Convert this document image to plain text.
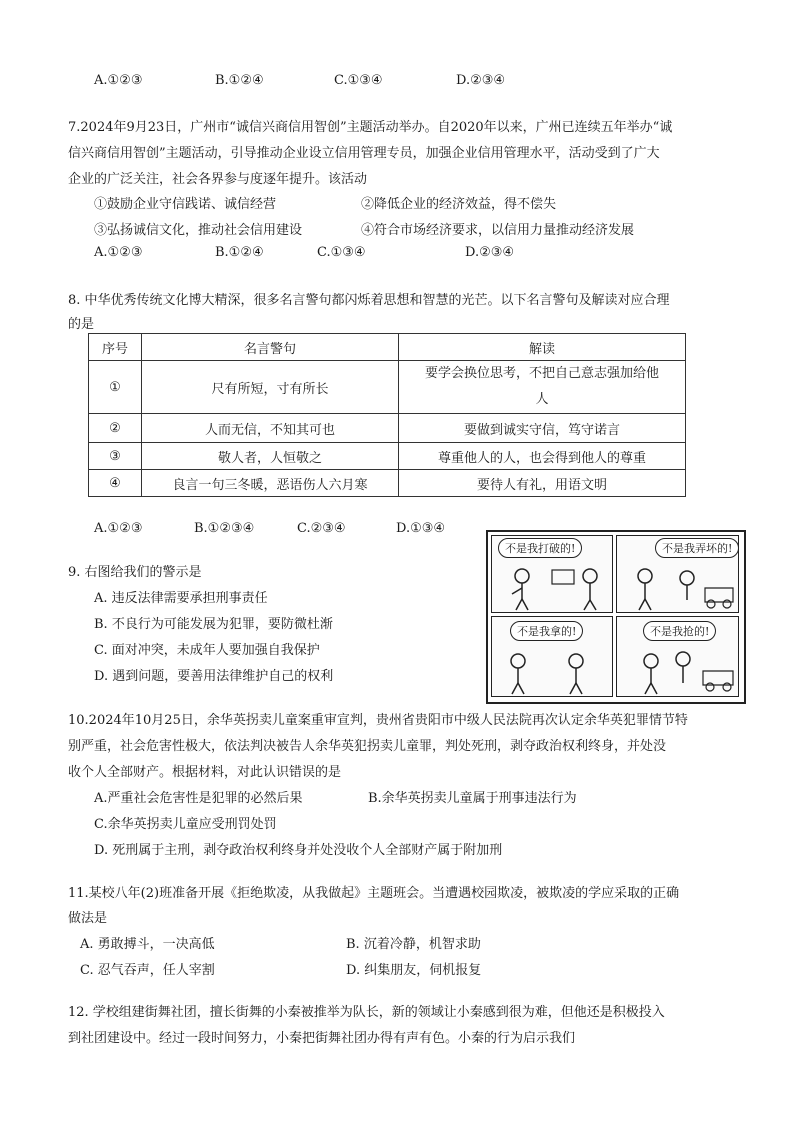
A.①②③	B.①②④	C.①③④	D.②③④
7.2024年9月23日，广州市“诚信兴商信用智创”主题活动举办。自2020年以来，广州已连续五年举办“诚
信兴商信用智创”主题活动，引导推动企业设立信用管理专员，加强企业信用管理水平，活动受到了广大
企业的广泛关注，社会各界参与度逐年提升。该活动
①鼓励企业守信践诺、诚信经营	②降低企业的经济效益，得不偿失
③弘扬诚信文化，推动社会信用建设	④符合市场经济要求，以信用力量推动经济发展
A.①②③	B.①②④	C.①③④	D.②③④
8. 中华优秀传统文化博大精深，很多名言警句都闪烁着思想和智慧的光芒。以下名言警句及解读对应合理
的是
序号	名言警句	解读
①	尺有所短，寸有所长	要学会换位思考，不把自己意志强加给他
人
②	人而无信，不知其可也	要做到诚实守信，笃守诺言
③	敬人者，人恒敬之	尊重他人的人，也会得到他人的尊重
④	良言一句三冬暖，恶语伤人六月寒	要待人有礼，用语文明
A.①②③	B.①②③④	C.②③④	D.①③④
9. 右图给我们的警示是
A. 违反法律需要承担刑事责任
B. 不良行为可能发展为犯罪，要防微杜渐
C. 面对冲突，未成年人要加强自我保护
D. 遇到问题，要善用法律维护自己的权利
不是我打破的!	不是我弄坏的!
不是我拿的!	不是我抢的!
10.2024年10月25日，余华英拐卖儿童案重审宣判，贵州省贵阳市中级人民法院再次认定余华英犯罪情节特
别严重，社会危害性极大，依法判决被告人余华英犯拐卖儿童罪，判处死刑，剥夺政治权利终身，并处没
收个人全部财产。根据材料，对此认识错误的是
A.严重社会危害性是犯罪的必然后果	B.余华英拐卖儿童属于刑事违法行为
C.余华英拐卖儿童应受刑罚处罚
D. 死刑属于主刑，剥夺政治权利终身并处没收个人全部财产属于附加刑
11.某校八年(2)班准备开展《拒绝欺凌，从我做起》主题班会。当遭遇校园欺凌，被欺凌的学应采取的正确
做法是
A. 勇敢搏斗，一决高低	B. 沉着冷静，机智求助
C. 忍气吞声，任人宰割	D. 纠集朋友，伺机报复
12. 学校组建街舞社团，擅长街舞的小秦被推举为队长，新的领域让小秦感到很为难，但他还是积极投入
到社团建设中。经过一段时间努力，小秦把街舞社团办得有声有色。小秦的行为启示我们
